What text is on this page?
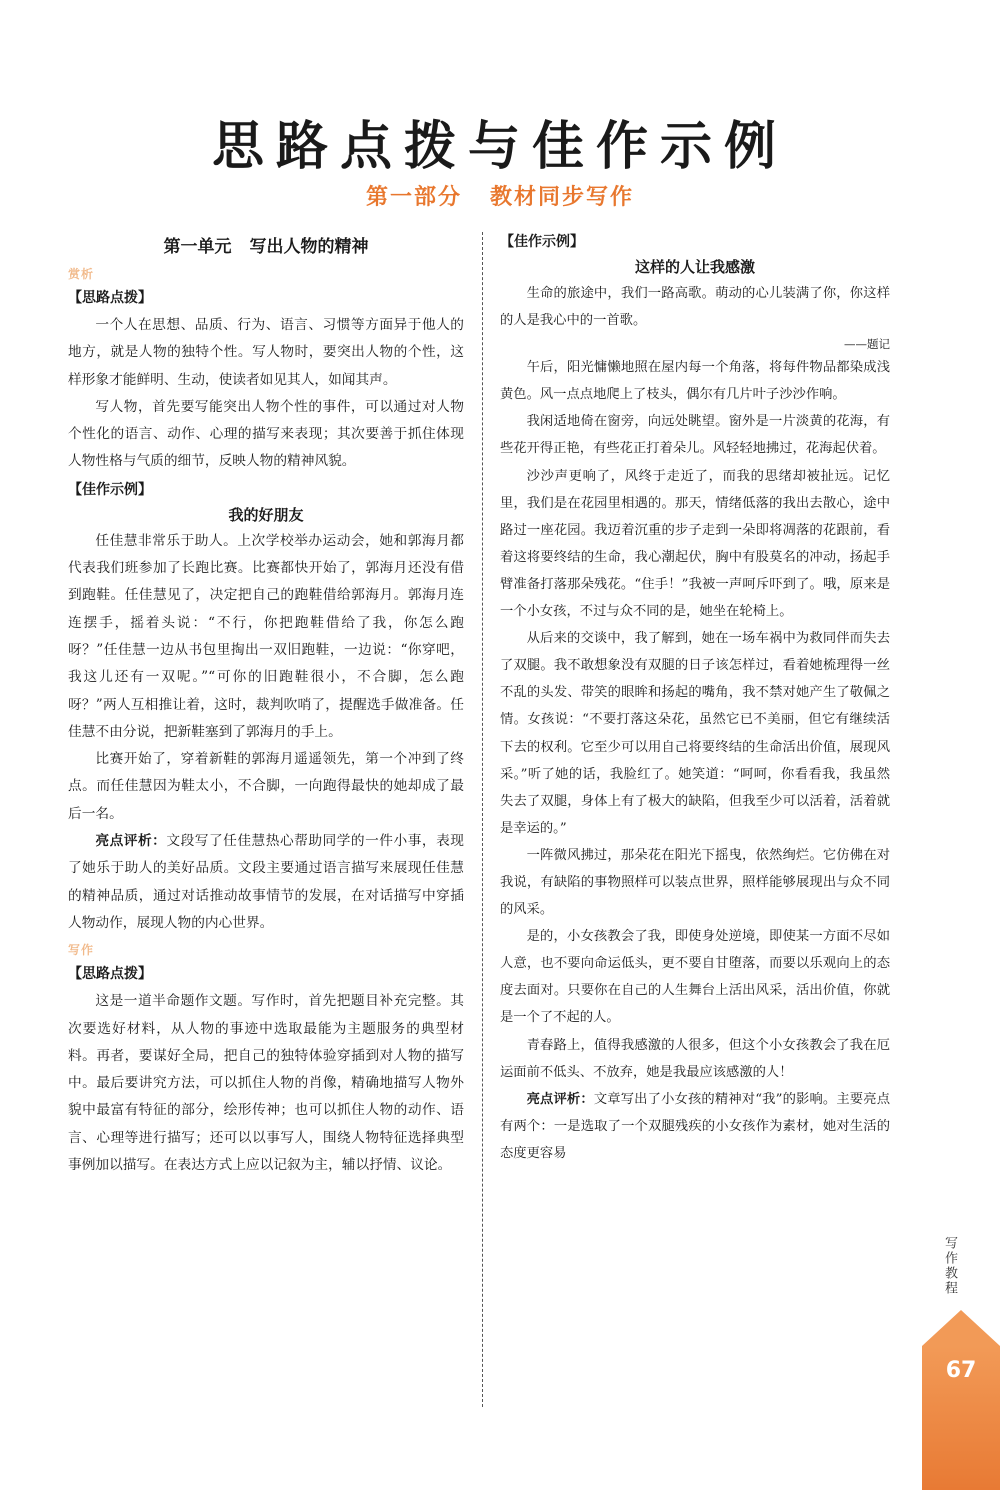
思路点拨与佳作示例
第一部分 教材同步写作
第一单元 写出人物的精神
赏析
【思路点拨】

一个人在思想、品质、行为、语言、习惯等方面异于他人的地方，就是人物的独特个性。写人物时，要突出人物的个性，这样形象才能鲜明、生动，使读者如见其人，如闻其声。

写人物，首先要写能突出人物个性的事件，可以通过对人物个性化的语言、动作、心理的描写来表现；其次要善于抓住体现人物性格与气质的细节，反映人物的精神风貌。

【佳作示例】
我的好朋友

任佳慧非常乐于助人。上次学校举办运动会，她和郭海月都代表我们班参加了长跑比赛。比赛都快开始了，郭海月还没有借到跑鞋。任佳慧见了，决定把自己的跑鞋借给郭海月。郭海月连连摆手，摇着头说：“不行，你把跑鞋借给了我，你怎么跑呀？”任佳慧一边从书包里掏出一双旧跑鞋，一边说：“你穿吧，我这儿还有一双呢。”“可你的旧跑鞋很小，不合脚，怎么跑呀？”两人互相推让着，这时，裁判吹哨了，提醒选手做准备。任佳慧不由分说，把新鞋塞到了郭海月的手上。

比赛开始了，穿着新鞋的郭海月遥遥领先，第一个冲到了终点。而任佳慧因为鞋太小，不合脚，一向跑得最快的她却成了最后一名。

亮点评析：文段写了任佳慧热心帮助同学的一件小事，表现了她乐于助人的美好品质。文段主要通过语言描写来展现任佳慧的精神品质，通过对话推动故事情节的发展，在对话描写中穿插人物动作，展现人物的内心世界。

写作
【思路点拨】

这是一道半命题作文题。写作时，首先把题目补充完整。其次要选好材料，从人物的事迹中选取最能为主题服务的典型材料。再者，要谋好全局，把自己的独特体验穿插到对人物的描写中。最后要讲究方法，可以抓住人物的肖像，精确地描写人物外貌中最富有特征的部分，绘形传神；也可以抓住人物的动作、语言、心理等进行描写；还可以以事写人，围绕人物特征选择典型事例加以描写。在表达方式上应以记叙为主，辅以抒情、议论。

【佳作示例】
这样的人让我感激

生命的旅途中，我们一路高歌。萌动的心儿装满了你，你这样的人是我心中的一首歌。

——题记

午后，阳光慵懒地照在屋内每一个角落，将每件物品都染成浅黄色。风一点点地爬上了枝头，偶尔有几片叶子沙沙作响。

我闲适地倚在窗旁，向远处眺望。窗外是一片淡黄的花海，有些花开得正艳，有些花正打着朵儿。风轻轻地拂过，花海起伏着。

沙沙声更响了，风终于走近了，而我的思绪却被扯远。记忆里，我们是在花园里相遇的。那天，情绪低落的我出去散心，途中路过一座花园。我迈着沉重的步子走到一朵即将凋落的花跟前，看着这将要终结的生命，我心潮起伏，胸中有股莫名的冲动，扬起手臂准备打落那朵残花。“住手！”我被一声呵斥吓到了。哦，原来是一个小女孩，不过与众不同的是，她坐在轮椅上。

从后来的交谈中，我了解到，她在一场车祸中为救同伴而失去了双腿。我不敢想象没有双腿的日子该怎样过，看着她梳理得一丝不乱的头发、带笑的眼眸和扬起的嘴角，我不禁对她产生了敬佩之情。女孩说：“不要打落这朵花，虽然它已不美丽，但它有继续活下去的权利。它至少可以用自己将要终结的生命活出价值，展现风采。”听了她的话，我脸红了。她笑道：“呵呵，你看看我，我虽然失去了双腿，身体上有了极大的缺陷，但我至少可以活着，活着就是幸运的。”

一阵微风拂过，那朵花在阳光下摇曳，依然绚烂。它仿佛在对我说，有缺陷的事物照样可以装点世界，照样能够展现出与众不同的风采。

是的，小女孩教会了我，即使身处逆境，即使某一方面不尽如人意，也不要向命运低头，更不要自甘堕落，而要以乐观向上的态度去面对。只要你在自己的人生舞台上活出风采，活出价值，你就是一个了不起的人。

青春路上，值得我感激的人很多，但这个小女孩教会了我在厄运面前不低头、不放弃，她是我最应该感激的人！

亮点评析：文章写出了小女孩的精神对“我”的影响。主要亮点有两个：一是选取了一个双腿残疾的小女孩作为素材，她对生活的态度更容易

写作教程
67
